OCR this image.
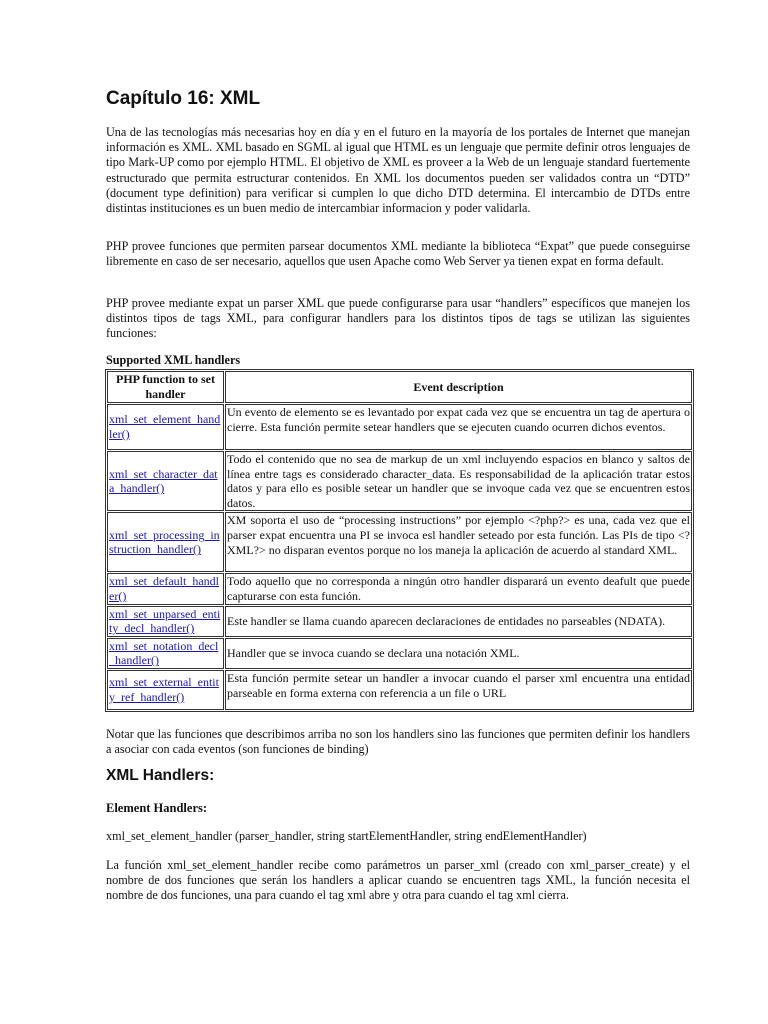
Capítulo 16: XML

Una de las tecnologías más necesarias hoy en día y en el futuro en la mayoría de los portales de Internet que manejan información es XML. XML basado en SGML al igual que HTML es un lenguaje que permite definir otros lenguajes de tipo Mark-UP como por ejemplo HTML. El objetivo de XML es proveer a la Web de un lenguaje standard fuertemente estructurado que permita estructurar contenidos. En XML los documentos pueden ser validados contra un “DTD” (document type definition) para verificar si cumplen lo que dicho DTD determina. El intercambio de DTDs entre distintas instituciones es un buen medio de intercambiar informacion y poder validarla.

PHP provee funciones que permiten parsear documentos XML mediante la biblioteca “Expat” que puede conseguirse libremente en caso de ser necesario, aquellos que usen Apache como Web Server ya tienen expat en forma default.

PHP provee mediante expat un parser XML que puede configurarse para usar “handlers” específicos que manejen los distintos tipos de tags XML, para configurar handlers para los distintos tipos de tags se utilizan las siguientes funciones:

Supported XML handlers

PHP function to set handler	Event description
xml_set_element_handler()	Un evento de elemento se es levantado por expat cada vez que se encuentra un tag de apertura o cierre. Esta función permite setear handlers que se ejecuten cuando ocurren dichos eventos.
xml_set_character_data_handler()	Todo el contenido que no sea de markup de un xml incluyendo espacios en blanco y saltos de línea entre tags es considerado character_data. Es responsabilidad de la aplicación tratar estos datos y para ello es posible setear un handler que se invoque cada vez que se encuentren estos datos.
xml_set_processing_instruction_handler()	XM soporta el uso de “processing instructions” por ejemplo <?php?> es una, cada vez que el parser expat encuentra una PI se invoca esl handler seteado por esta función. Las PIs de tipo <?XML?> no disparan eventos porque no los maneja la aplicación de acuerdo al standard XML.
xml_set_default_handler()	Todo aquello que no corresponda a ningún otro handler disparará un evento deafult que puede capturarse con esta función.
xml_set_unparsed_entity_decl_handler()	Este handler se llama cuando aparecen declaraciones de entidades no parseables (NDATA).
xml_set_notation_decl_handler()	Handler que se invoca cuando se declara una notación XML.
xml_set_external_entity_ref_handler()	Esta función permite setear un handler a invocar cuando el parser xml encuentra una entidad parseable en forma externa con referencia a un file o URL

Notar que las funciones que describimos arriba no son los handlers sino las funciones que permiten definir los handlers a asociar con cada eventos (son funciones de binding)

XML Handlers:
Element Handlers:

xml_set_element_handler (parser_handler, string startElementHandler, string endElementHandler)

La función xml_set_element_handler recibe como parámetros un parser_xml (creado con xml_parser_create) y el nombre de dos funciones que serán los handlers a aplicar cuando se encuentren tags XML, la función necesita el nombre de dos funciones, una para cuando el tag xml abre y otra para cuando el tag xml cierra.
